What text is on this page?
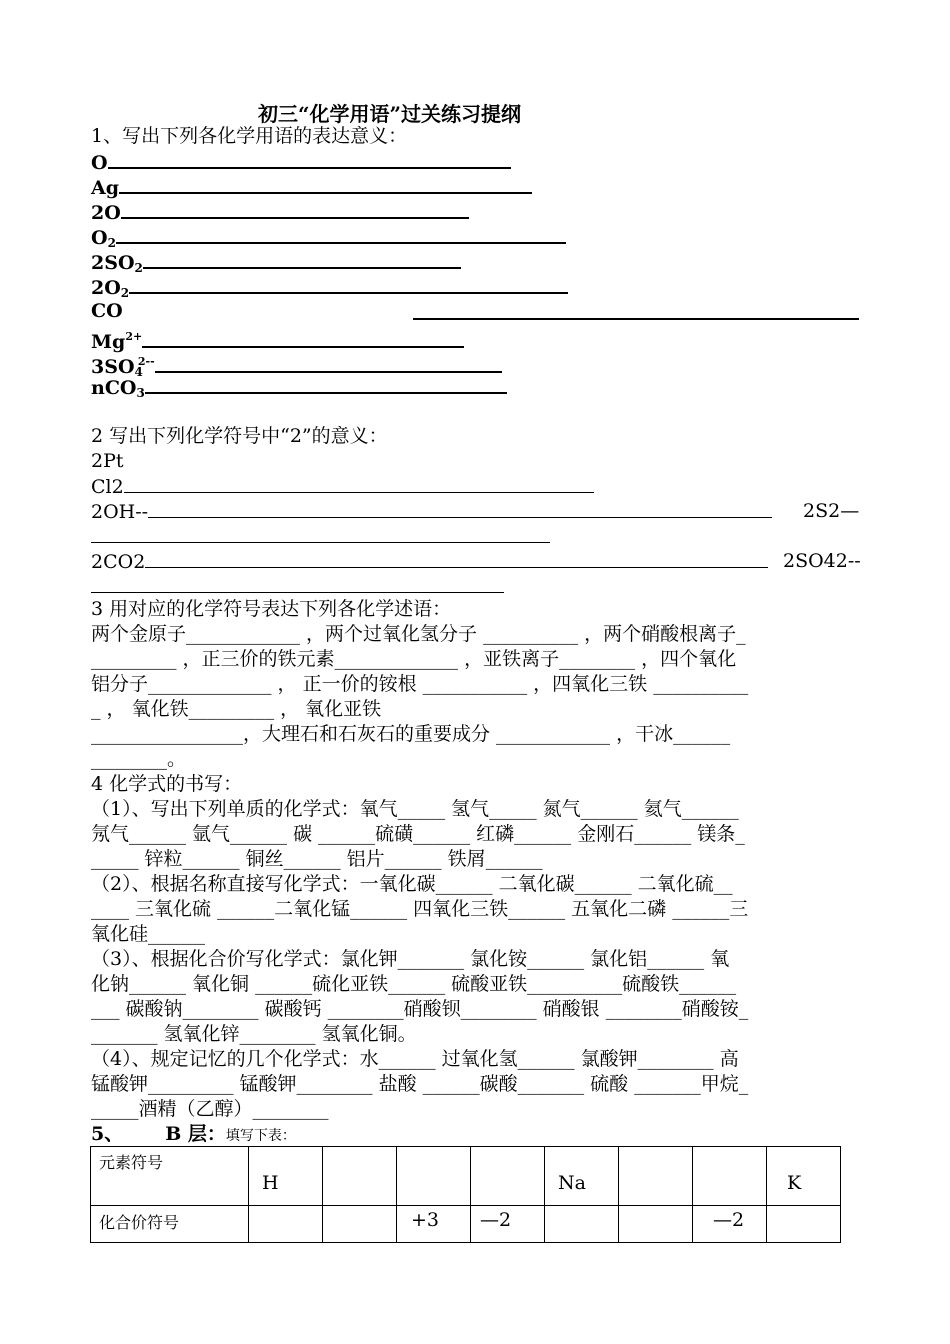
初三“化学用语”过关练习提纲
1、写出下列各化学用语的表达意义：
O
Ag
2O
$O_2$
$2SO_2$
$2O_2$
CO
$Mg^{2+}$
$3SO_4^{2--}$
nCO$_3$
2 写出下列化学符号中“2”的意义：
2Pt
Cl2
2OH--	2S2—
2CO2	2SO42--
3 用对应的化学符号表达下列各化学述语：
两个金原子____________ ，两个过氧化氢分子 __________ ，两个硝酸根离子_
_________ ，正三价的铁元素_____________ ，亚铁离子________ ，四个氧化
铝分子_____________ ， 正一价的铵根 ___________ ，四氧化三铁 __________
_ ， 氧化铁_________ ， 氧化亚铁
________________，大理石和石灰石的重要成分 ____________ ，干冰______
________。
4 化学式的书写：
（1）、写出下列单质的化学式：氧气_____ 氢气_____ 氮气______ 氦气______
氖气______ 氩气______ 碳 ______硫磺______ 红磷______ 金刚石______ 镁条_
_____ 锌粒______ 铜丝______ 铝片______ 铁屑______
（2）、根据名称直接写化学式：一氧化碳______ 二氧化碳______ 二氧化硫__
____ 三氧化硫 ______二氧化锰______ 四氧化三铁______ 五氧化二磷 ______三
氧化硅______
（3）、根据化合价写化学式：氯化钾_______ 氯化铵______ 氯化铝______ 氧
化钠______ 氧化铜 ______硫化亚铁______ 硫酸亚铁__________硫酸铁______
___ 碳酸钠________ 碳酸钙 ________硝酸钡________ 硝酸银 ________硝酸铵_
_______ 氢氧化锌________ 氢氧化铜。
（4）、规定记忆的几个化学式：水______ 过氧化氢______ 氯酸钾________ 高
锰酸钾_________ 锰酸钾________ 盐酸 ______碳酸_______ 硫酸 _______甲烷_
_____酒精（乙醇）________
5、 B 层：填写下表：
元素符号	H				Na			K

化合价符号			+3	—2			—2	
